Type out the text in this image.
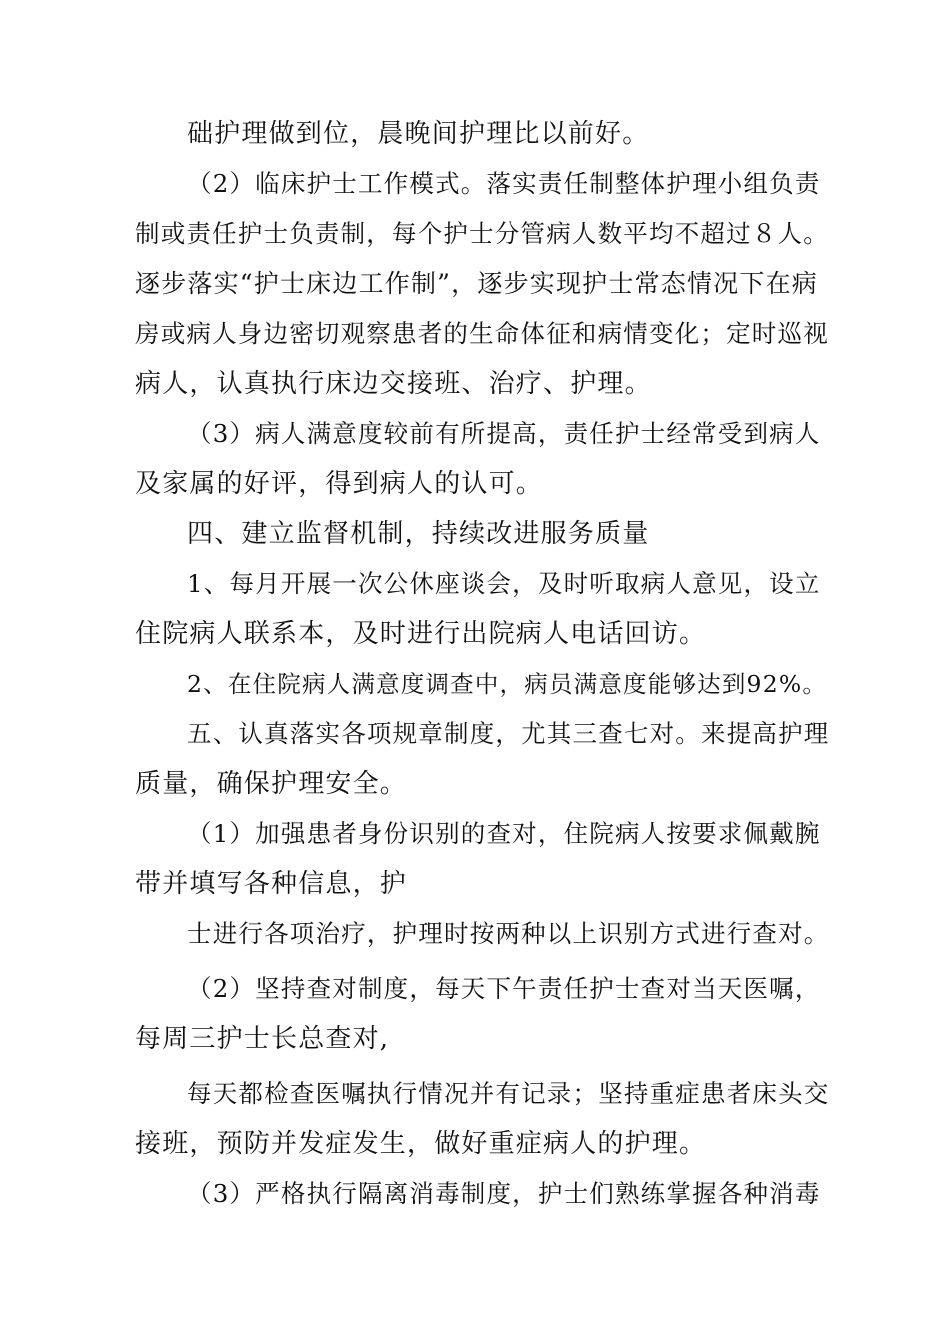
础护理做到位，晨晚间护理比以前好。
（2）临床护士工作模式。落实责任制整体护理小组负责
制或责任护士负责制，每个护士分管病人数平均不超过８人。
逐步落实“护士床边工作制”，逐步实现护士常态情况下在病
房或病人身边密切观察患者的生命体征和病情变化；定时巡视
病人，认真执行床边交接班、治疗、护理。
（3）病人满意度较前有所提高，责任护士经常受到病人
及家属的好评，得到病人的认可。
四、建立监督机制，持续改进服务质量
1、每月开展一次公休座谈会，及时听取病人意见，设立
住院病人联系本，及时进行出院病人电话回访。
2、在住院病人满意度调查中，病员满意度能够达到92%。
五、认真落实各项规章制度，尤其三查七对。来提高护理
质量，确保护理安全。
（1）加强患者身份识别的查对，住院病人按要求佩戴腕
带并填写各种信息，护
士进行各项治疗，护理时按两种以上识别方式进行查对。
（2）坚持查对制度，每天下午责任护士查对当天医嘱，
每周三护士长总查对,
每天都检查医嘱执行情况并有记录；坚持重症患者床头交
接班，预防并发症发生，做好重症病人的护理。
（3）严格执行隔离消毒制度，护士们熟练掌握各种消毒
